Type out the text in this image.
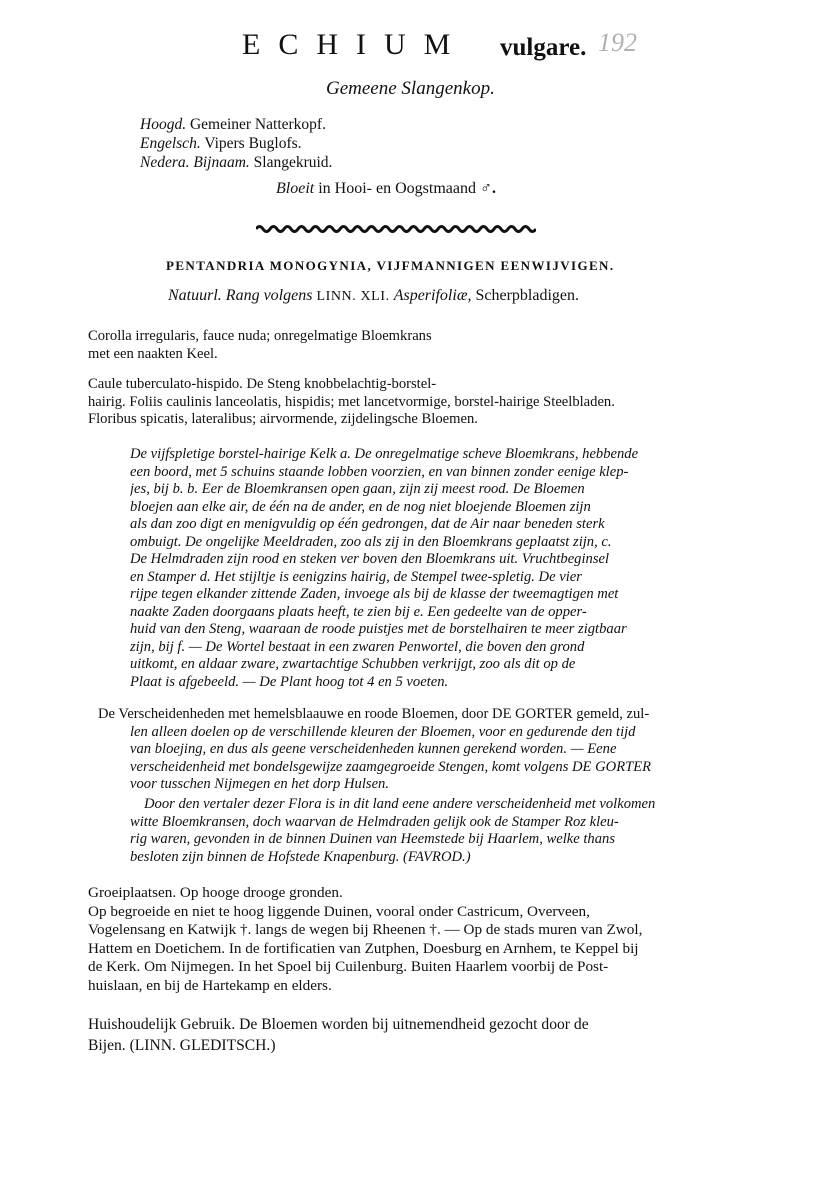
ECHIUM vulgare. 192
Gemeene Slangenkop.
Hoogd. Gemeiner Natterkopf.
Engelsch. Vipers Buglofs.
Nedera. Bijnaam. Slangekruid.
Bloeit in Hooi- en Oogstmaand ♂.
PENTANDRIA MONOGYNIA, VIJFMANNIGEN EENWIJVIGEN.
Natuurl. Rang volgens LINN. XLI. Asperifoliæ, Scherpbladigen.
Corolla irregularis, fauce nuda; onregelmatige Bloemkrans
met een naakten Keel.
Caule tuberculato-hispido. De Steng knobbelachtig-borstel-
hairig. Foliis caulinis lanceolatis, hispidis; met lancetvormige, borstel-hairige Steelbladen.
Floribus spicatis, lateralibus; airvormende, zijdelingsche Bloemen.
De vijfspletige borstel-hairige Kelk a. De onregelmatige scheve Bloemkrans, hebbende
een boord, met 5 schuins staande lobben voorzien, en van binnen zonder eenige klep-
jes, bij b. b. Eer de Bloemkransen open gaan, zijn zij meest rood. De Bloemen
bloejen aan elke air, de één na de ander, en de nog niet bloejende Bloemen zijn
als dan zoo digt en menigvuldig op één gedrongen, dat de Air naar beneden sterk
ombuigt. De ongelijke Meeldraden, zoo als zij in den Bloemkrans geplaatst zijn, c.
De Helmdraden zijn rood en steken ver boven den Bloemkrans uit. Vruchtbeginsel
en Stamper d. Het stijltje is eenigzins hairig, de Stempel twee-spletig. De vier
rijpe tegen elkander zittende Zaden, invoege als bij de klasse der tweemagtigen met
naakte Zaden doorgaans plaats heeft, te zien bij e. Een gedeelte van de opper-
huid van den Steng, waaraan de roode puistjes met de borstelhairen te meer zigtbaar
zijn, bij f. — De Wortel bestaat in een zwaren Penwortel, die boven den grond
uitkomt, en aldaar zware, zwartachtige Schubben verkrijgt, zoo als dit op de
Plaat is afgebeeld. — De Plant hoog tot 4 en 5 voeten.
De Verscheidenheden met hemelsblaauwe en roode Bloemen, door DE GORTER gemeld, zul-
len alleen doelen op de verschillende kleuren der Bloemen, voor en gedurende den tijd
van bloejing, en dus als geene verscheidenheden kunnen gerekend worden. — Eene
verscheidenheid met bondelsgewijze zaamgegroeide Stengen, komt volgens DE GORTER
voor tusschen Nijmegen en het dorp Hulsen.
Door den vertaler dezer Flora is in dit land eene andere verscheidenheid met volkomen
witte Bloemkransen, doch waarvan de Helmdraden gelijk ook de Stamper Roz kleu-
rig waren, gevonden in de binnen Duinen van Heemstede bij Haarlem, welke thans
besloten zijn binnen de Hofstede Knapenburg. (FAVROD.)
Groeiplaatsen. Op hooge drooge gronden.
Op begroeide en niet te hoog liggende Duinen, vooral onder Castricum, Overveen,
Vogelensang en Katwijk †. langs de wegen bij Rheenen †. — Op de stads muren van Zwol,
Hattem en Doetichem. In de fortificatien van Zutphen, Doesburg en Arnhem, te Keppel bij
de Kerk. Om Nijmegen. In het Spoel bij Cuilenburg. Buiten Haarlem voorbij de Post-
huislaan, en bij de Hartekamp en elders.
Huishoudelijk Gebruik. De Bloemen worden bij uitnemendheid gezocht door de
Bijen. (LINN. GLEDITSCH.)
